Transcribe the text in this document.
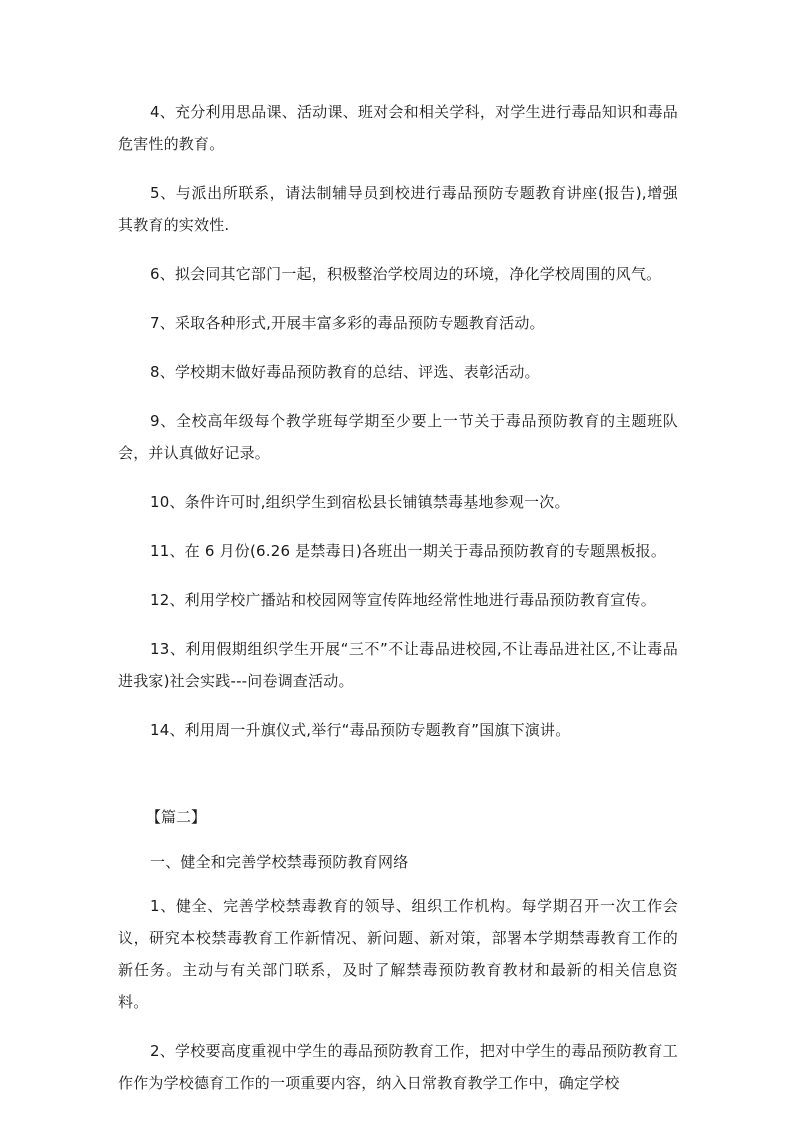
4、充分利用思品课、活动课、班对会和相关学科，对学生进行毒品知识和毒品危害性的教育。

5、与派出所联系，请法制辅导员到校进行毒品预防专题教育讲座(报告),增强其教育的实效性.

6、拟会同其它部门一起，积极整治学校周边的环境，净化学校周围的风气。

7、采取各种形式,开展丰富多彩的毒品预防专题教育活动。

8、学校期末做好毒品预防教育的总结、评选、表彰活动。

9、全校高年级每个教学班每学期至少要上一节关于毒品预防教育的主题班队会，并认真做好记录。

10、条件许可时,组织学生到宿松县长铺镇禁毒基地参观一次。

11、在 6 月份(6.26 是禁毒日)各班出一期关于毒品预防教育的专题黑板报。

12、利用学校广播站和校园网等宣传阵地经常性地进行毒品预防教育宣传。

13、利用假期组织学生开展“三不”不让毒品进校园,不让毒品进社区,不让毒品进我家)社会实践---问卷调查活动。

14、利用周一升旗仪式,举行“毒品预防专题教育”国旗下演讲。

【篇二】

一、健全和完善学校禁毒预防教育网络

1、健全、完善学校禁毒教育的领导、组织工作机构。每学期召开一次工作会议，研究本校禁毒教育工作新情况、新问题、新对策，部署本学期禁毒教育工作的新任务。主动与有关部门联系，及时了解禁毒预防教育教材和最新的相关信息资料。

2、学校要高度重视中学生的毒品预防教育工作，把对中学生的毒品预防教育工作作为学校德育工作的一项重要内容，纳入日常教育教学工作中，确定学校
